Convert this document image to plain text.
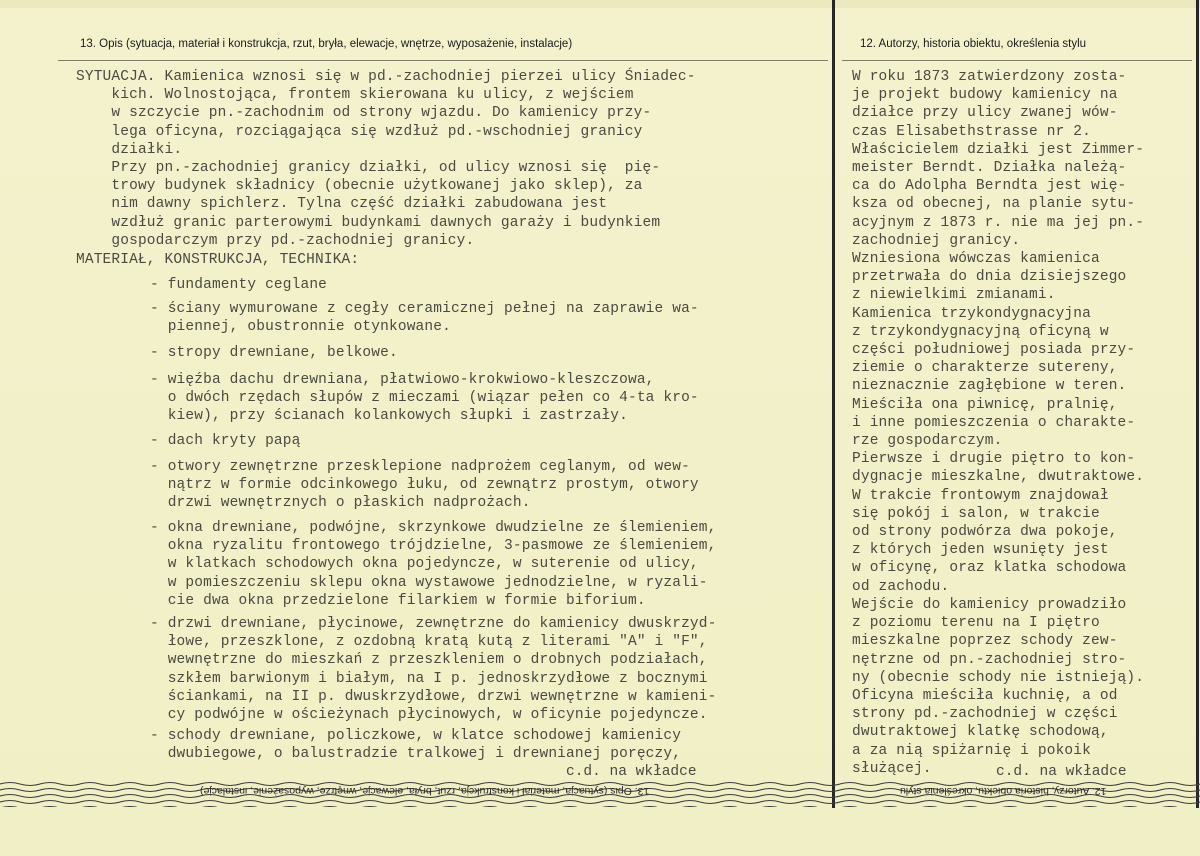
13. Opis (sytuacja, materiał i konstrukcja, rzut, bryła, elewacje, wnętrze, wyposażenie, instalacje)
SYTUACJA. Kamienica wznosi się w pd.-zachodniej pierzei ulicy Śniadec-
kich. Wolnostojąca, frontem skierowana ku ulicy, z wejściem
w szczycie pn.-zachodnim od strony wjazdu. Do kamienicy przy-
lega oficyna, rozciągająca się wzdłuż pd.-wschodniej granicy
działki.
Przy pn.-zachodniej granicy działki, od ulicy wznosi się  pię-
trowy budynek składnicy (obecnie użytkowanej jako sklep), za
nim dawny spichlerz. Tylna część działki zabudowana jest
wzdłuż granic parterowymi budynkami dawnych garaży i budynkiem
gospodarczym przy pd.-zachodniej granicy.
MATERIAŁ, KONSTRUKCJA, TECHNIKA:
- fundamenty ceglane
- ściany wymurowane z cegły ceramicznej pełnej na zaprawie wa-
piennej, obustronnie otynkowane.
- stropy drewniane, belkowe.
- więźba dachu drewniana, płatwiowo-krokwiowo-kleszczowa,
o dwóch rzędach słupów z mieczami (wiązar pełen co 4-ta kro-
kiew), przy ścianach kolankowych słupki i zastrzały.
- dach kryty papą
- otwory zewnętrzne przesklepione nadprożem ceglanym, od wew-
nątrz w formie odcinkowego łuku, od zewnątrz prostym, otwory
drzwi wewnętrznych o płaskich nadprożach.
- okna drewniane, podwójne, skrzynkowe dwudzielne ze ślemieniem,
okna ryzalitu frontowego trójdzielne, 3-pasmowe ze ślemieniem,
w klatkach schodowych okna pojedyncze, w suterenie od ulicy,
w pomieszczeniu sklepu okna wystawowe jednodzielne, w ryzali-
cie dwa okna przedzielone filarkiem w formie biforium.
- drzwi drewniane, płycinowe, zewnętrzne do kamienicy dwuskrzyd-
łowe, przeszklone, z ozdobną kratą kutą z literami "A" i "F",
wewnętrzne do mieszkań z przeszkleniem o drobnych podziałach,
szkłem barwionym i białym, na I p. jednoskrzydłowe z bocznymi
ściankami, na II p. dwuskrzydłowe, drzwi wewnętrzne w kamieni-
cy podwójne w ościeżynach płycinowych, w oficynie pojedyncze.
- schody drewniane, policzkowe, w klatce schodowej kamienicy
dwubiegowe, o balustradzie tralkowej i drewnianej poręczy,
c.d. na wkładce
12. Autorzy, historia obiektu, określenia stylu
W roku 1873 zatwierdzony zosta-
je projekt budowy kamienicy na
działce przy ulicy zwanej wów-
czas Elisabethstrasse nr 2.
Właścicielem działki jest Zimmer-
meister Berndt. Działka należą-
ca do Adolpha Berndta jest wię-
ksza od obecnej, na planie sytu-
acyjnym z 1873 r. nie ma jej pn.-
zachodniej granicy.
Wzniesiona wówczas kamienica
przetrwała do dnia dzisiejszego
z niewielkimi zmianami.
Kamienica trzykondygnacyjna
z trzykondygnacyjną oficyną w
części południowej posiada przy-
ziemie o charakterze sutereny,
nieznacznie zagłębione w teren.
Mieściła ona piwnicę, pralnię,
i inne pomieszczenia o charakte-
rze gospodarczym.
Pierwsze i drugie piętro to kon-
dygnacje mieszkalne, dwutraktowe.
W trakcie frontowym znajdował
się pokój i salon, w trakcie
od strony podwórza dwa pokoje,
z których jeden wsunięty jest
w oficynę, oraz klatka schodowa
od zachodu.
Wejście do kamienicy prowadziło
z poziomu terenu na I piętro
mieszkalne poprzez schody zew-
nętrzne od pn.-zachodniej stro-
ny (obecnie schody nie istnieją).
Oficyna mieściła kuchnię, a od
strony pd.-zachodniej w części
dwutraktowej klatkę schodową,
a za nią spiżarnię i pokoik
służącej.	c.d. na wkładce
13. Opis (sytuacja, materiał i konstrukcja, rzut, bryła, elewacje, wnętrze, wyposażenie, instalacje)	12. Autorzy, historia obiektu, określenia stylu
